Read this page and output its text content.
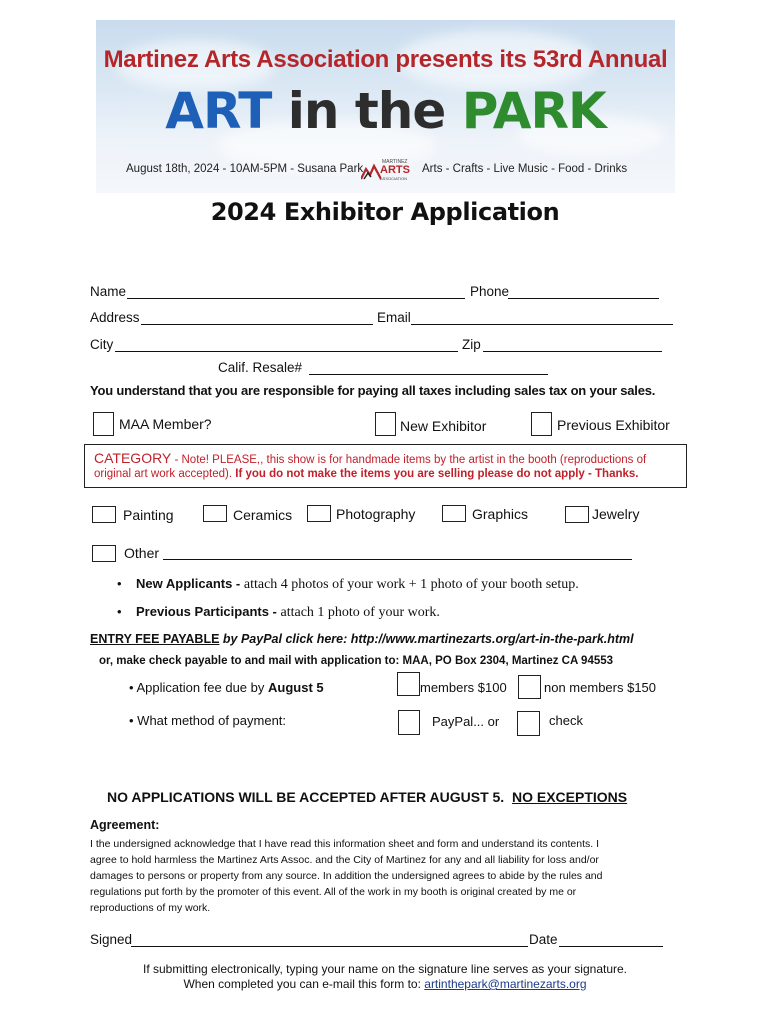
Martinez Arts Association presents its 53rd Annual
ART in the PARK
August 18th, 2024 - 10AM-5PM - Susana Park
MARTINEZ
ARTS
ASSOCIATION
Arts - Crafts - Live Music - Food - Drinks
2024 Exhibitor Application
Name	Phone
Address	Email
City	Zip
Calif. Resale#
You understand that you are responsible for paying all taxes including sales tax on your sales.
MAA Member?	New Exhibitor	Previous Exhibitor
CATEGORY - Note! PLEASE,, this show is for handmade items by the artist in the booth (reproductions of
original art work accepted). If you do not make the items you are selling please do not apply - Thanks.
Painting	Ceramics	Photography	Graphics	Jewelry
Other
• New Applicants - attach 4 photos of your work + 1 photo of your booth setup.
• Previous Participants - attach 1 photo of your work.
ENTRY FEE PAYABLE by PayPal click here: http://www.martinezarts.org/art-in-the-park.html
or, make check payable to and mail with application to: MAA, PO Box 2304, Martinez CA 94553
• Application fee due by August 5	members $100	non members $150
• What method of payment:	PayPal... or	check
NO APPLICATIONS WILL BE ACCEPTED AFTER AUGUST 5. NO EXCEPTIONS
Agreement:
I the undersigned acknowledge that I have read this information sheet and form and understand its contents. I
agree to hold harmless the Martinez Arts Assoc. and the City of Martinez for any and all liability for loss and/or
damages to persons or property from any source. In addition the undersigned agrees to abide by the rules and
regulations put forth by the promoter of this event. All of the work in my booth is original created by me or
reproductions of my work.
Signed	Date
If submitting electronically, typing your name on the signature line serves as your signature.
When completed you can e-mail this form to: artinthepark@martinezarts.org
